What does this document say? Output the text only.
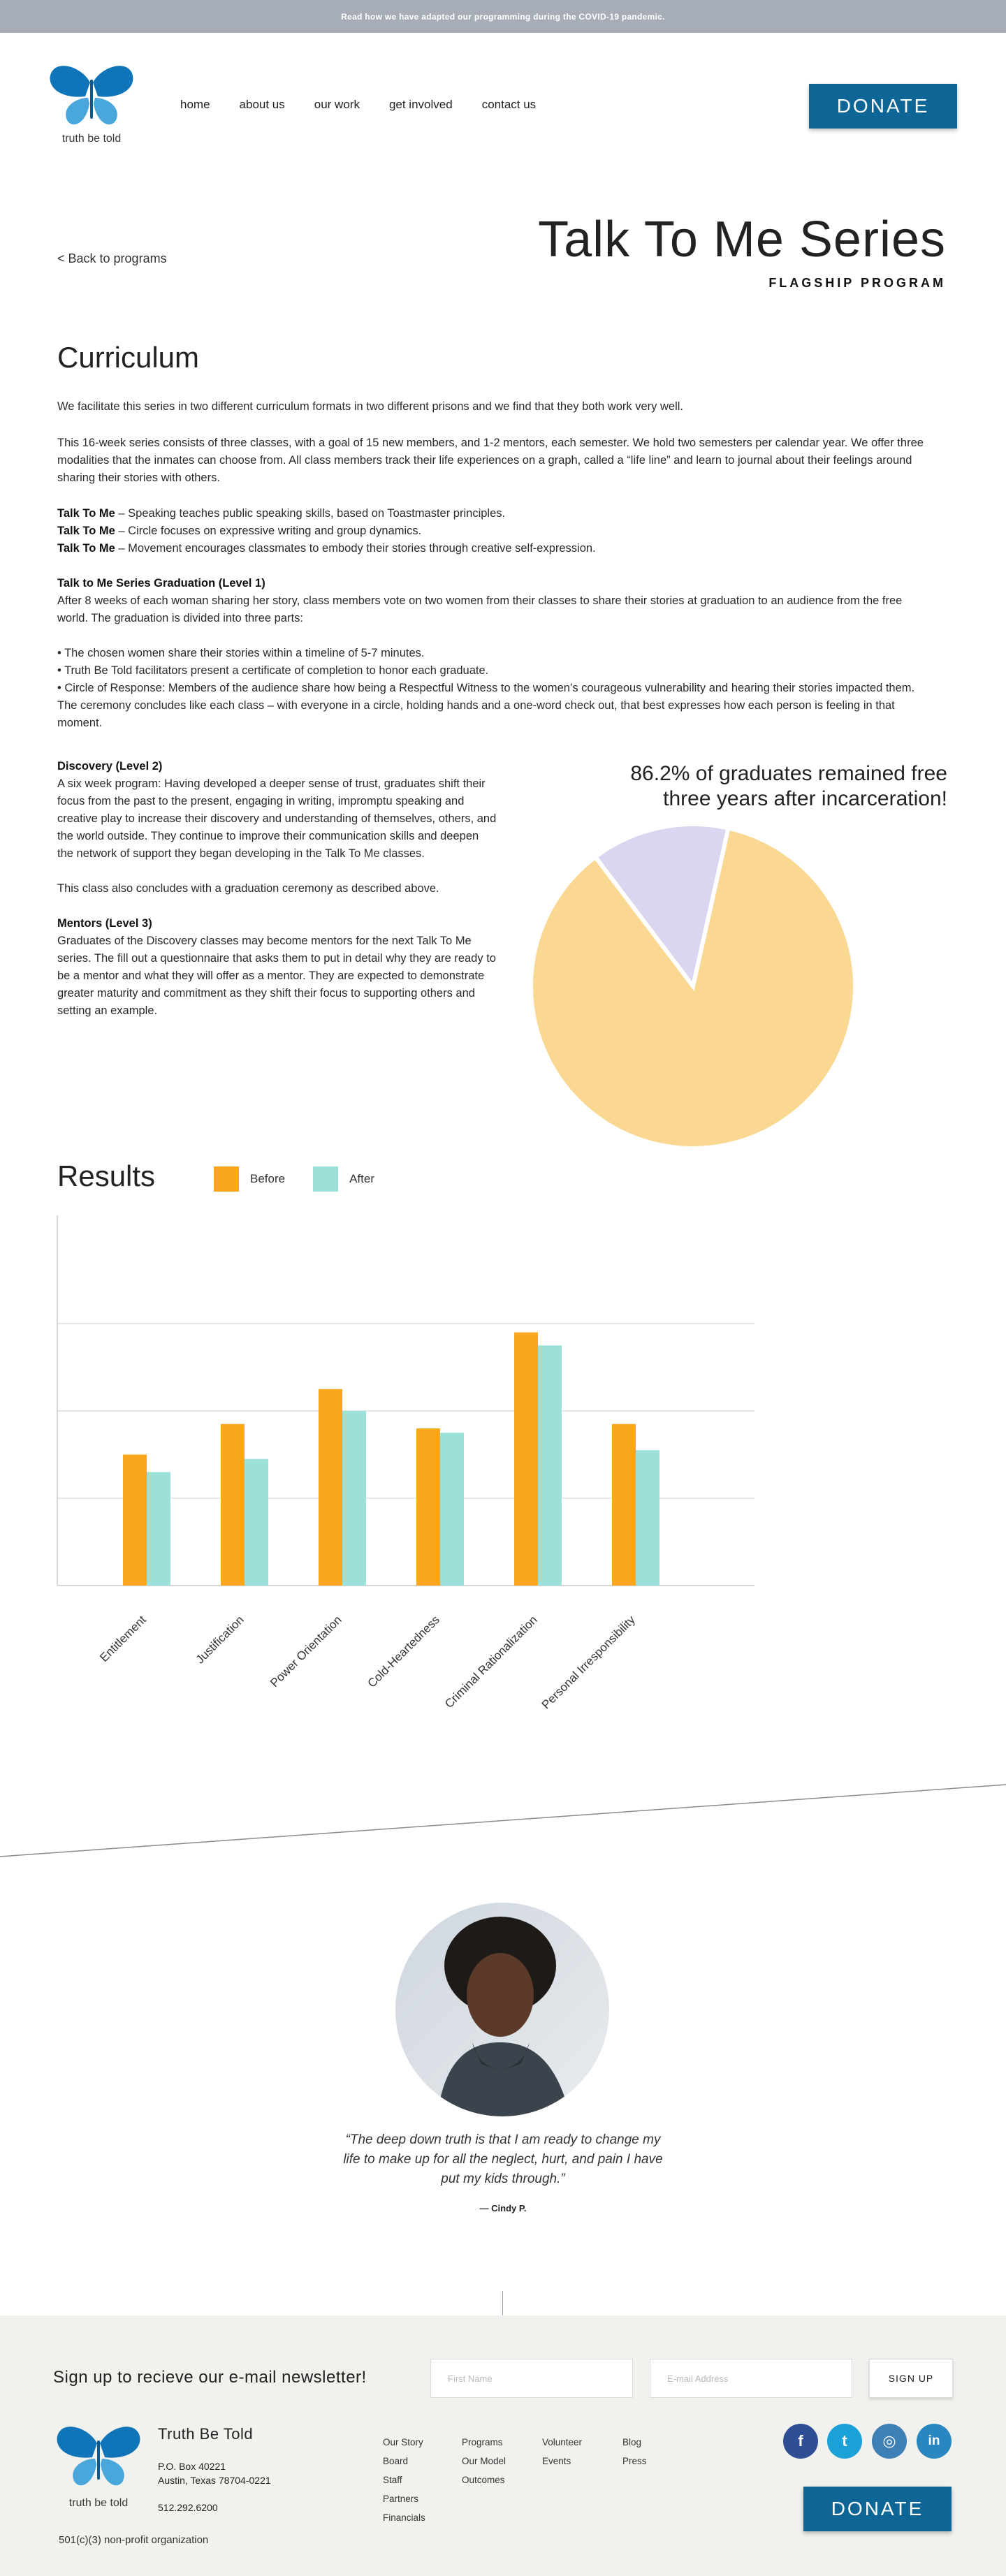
Read how we have adapted our programming during the COVID-19 pandemic.
truth be told
home about us our work get involved contact us	DONATE
< Back to programs	Talk To Me Series
FLAGSHIP PROGRAM
Curriculum

We facilitate this series in two different curriculum formats in two different prisons and we find that they both work very well.

This 16-week series consists of three classes, with a goal of 15 new members, and 1-2 mentors, each semester. We hold two semesters per calendar year. We offer three modalities that the inmates can choose from. All class members track their life experiences on a graph, called a “life line” and learn to journal about their feelings around sharing their stories with others.

Talk To Me – Speaking teaches public speaking skills, based on Toastmaster principles.
Talk To Me – Circle focuses on expressive writing and group dynamics.
Talk To Me – Movement encourages classmates to embody their stories through creative self-expression.
Talk to Me Series Graduation (Level 1)
After 8 weeks of each woman sharing her story, class members vote on two women from their classes to share their stories at graduation to an audience from the free world. The graduation is divided into three parts:
• The chosen women share their stories within a timeline of 5-7 minutes.
• Truth Be Told facilitators present a certificate of completion to honor each graduate.
• Circle of Response: Members of the audience share how being a Respectful Witness to the women’s courageous vulnerability and hearing their stories impacted them. The ceremony concludes like each class – with everyone in a circle, holding hands and a one-word check out, that best expresses how each person is feeling in that moment.
Discovery (Level 2)
A six week program: Having developed a deeper sense of trust, graduates shift their focus from the past to the present, engaging in writing, impromptu speaking and creative play to increase their discovery and understanding of themselves, others, and the world outside. They continue to improve their communication skills and deepen the network of support they began developing in the Talk To Me classes.
This class also concludes with a graduation ceremony as described above.
Mentors (Level 3)
Graduates of the Discovery classes may become mentors for the next Talk To Me series. The fill out a questionnaire that asks them to put in detail why they are ready to be a mentor and what they will offer as a mentor. They are expected to demonstrate greater maturity and commitment as they shift their focus to supporting others and setting an example.
86.2% of graduates remained free three years after incarceration!
Results	Before	After
Entitlement	Justification Power Orientation Cold-Heartedness Criminal Rationalization
Personal Irresponsibility
“The deep down truth is that I am ready to change my life to make up for all the neglect, hurt, and pain I have put my kids through.”
— Cindy P.
Sign up to recieve our e-mail newsletter!	First Name	E-mail Address	SIGN UP
truth be told
Truth Be Told
P.O. Box 40221
Austin, Texas 78704-0221
512.292.6200
501(c)(3) non-profit organization
Our Story
Board
Staff
Partners
Financials
Programs
Our Model
Outcomes
Volunteer
Events
Blog
Press
f	t	◎	in
DONATE
